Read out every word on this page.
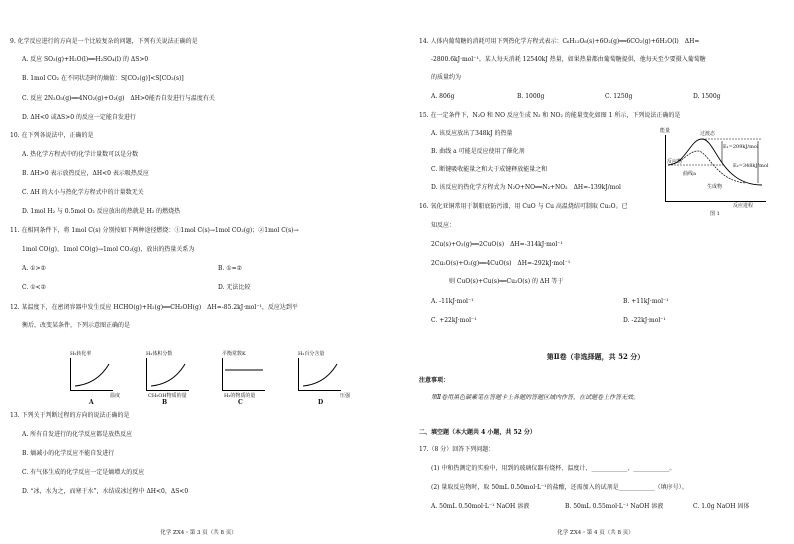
9. 化学反应进行的方向是一个比较复杂的问题，下列有关说法正确的是
A. 反应 SO₃(g)+H₂O(l)══H₂SO₄(l) 的 ΔS>0
B. 1mol CO₂ 在不同状态时的熵值：S[CO₂(g)]<S[CO₂(s)]
C. 反应 2N₂O₅(g)══4NO₂(g)+O₂(g)　ΔH>0能否自发进行与温度有关
D. ΔH<0 或ΔS>0 的反应一定能自发进行
10. 在下列各说法中，正确的是
A. 热化学方程式中的化学计量数可以是分数
B. ΔH>0 表示放热反应，ΔH<0 表示吸热反应
C. ΔH 的大小与热化学方程式中的计量数无关
D. 1mol H₂ 与 0.5mol O₂ 反应放出的热就是 H₂ 的燃烧热
11. 在相同条件下，将 1mol C(s) 分别按如下两种途径燃烧：①1mol C(s)→1mol CO₂(g)；②1mol C(s)→
1mol CO(g)，1mol CO(g)→1mol CO₂(g)，放出的热量关系为
A. ①>②	B. ①=②
C. ①<②	D. 无法比较
12. 某温度下，在密闭容器中发生反应 HCHO(g)+H₂(g)══CH₃OH(g)　ΔH=-85.2kJ·mol⁻¹，反应达到平
衡后，改变某条件，下列示意图正确的是
H₂转化率
温度
A
H₂体积分数
CH₃OH物质的量
B
平衡常数K
H₂的物质的量
C
H₂百分含量
压强
D
13. 下列关于判断过程的方向的说法正确的是
A. 所有自发进行的化学反应都是放热反应
B. 熵减小的化学反应不能自发进行
C. 有气体生成的化学反应一定是熵增大的反应
D. “冰，水为之，而寒于水”，水结成冰过程中 ΔH<0，ΔS<0
化学 ZX4・第 3 页（共 8 页）
14. 人体内葡萄糖的消耗可用下列热化学方程式表示：C₆H₁₂O₆(s)+6O₂(g)══6CO₂(g)+6H₂O(l)　ΔH=
-2800.6kJ·mol⁻¹。某人每天消耗 12540kJ 热量，如果热量都由葡萄糖提供，他每天至少要摄入葡萄糖
的质量约为
A. 806g	B. 1000g	C. 1250g	D. 1500g
15. 在一定条件下，N₂O 和 NO 反应生成 N₂ 和 NO₂ 的能量变化如图 1 所示，下列说法正确的是
A. 该反应放出了348kJ 的热量
B. 曲线 a 可能是反应使用了催化剂
C. 断键吸收能量之和大于成键释放能量之和
D. 该反应的热化学方程式为 N₂O+NO══N₂+NO₂　ΔH=-139kJ/mol
能量	过渡态
反应物
E₁=209kJ/mol
E₂=348kJ/mol
曲线a
生成物
反应进程
图 1
16. 氧化亚铜常用于制船底防污漆，用 CuO 与 Cu 高温烧结可制取 Cu₂O。已
知反应：
2Cu(s)+O₂(g)══2CuO(s)　ΔH=-314kJ·mol⁻¹
2Cu₂O(s)+O₂(g)══4CuO(s)　ΔH=-292kJ·mol⁻¹
则 CuO(s)+Cu(s)══Cu₂O(s) 的 ΔH 等于
A. -11kJ·mol⁻¹	B. +11kJ·mol⁻¹
C. +22kJ·mol⁻¹	D. -22kJ·mol⁻¹
第Ⅱ卷（非选择题，共 52 分）
注意事项：
第Ⅱ卷用黑色碳素笔在答题卡上各题的答题区域内作答，在试题卷上作答无效。
二、填空题（本大题共 4 小题，共 52 分）
17.（8 分）回答下列问题：
(1) 中和热测定的实验中，用到的玻璃仪器有烧杯、温度计、____________、____________。
(2) 量取反应物时，取 50mL 0.50mol·L⁻¹的盐酸，还需加入的试剂是____________（填序号）。
A. 50mL 0.50mol·L⁻¹ NaOH 溶液	B. 50mL 0.55mol·L⁻¹ NaOH 溶液	C. 1.0g NaOH 固体
化学 ZX4・第 4 页（共 8 页）
